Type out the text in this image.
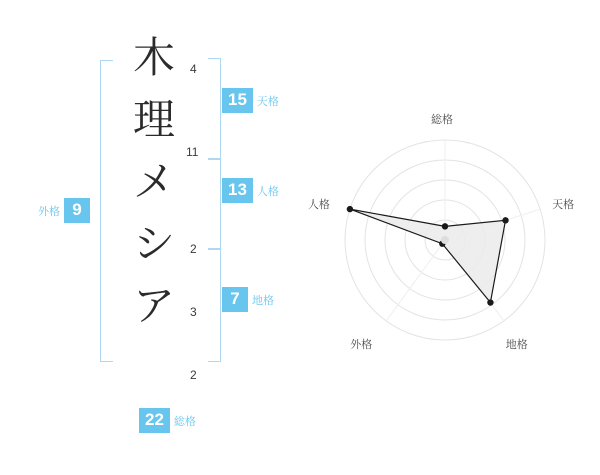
木
理
メ
シ
ア
4
11
2
3
2
15 天格
13 人格
7	地格
9
外格
22 総格
総格
天格
地格
外格
人格
